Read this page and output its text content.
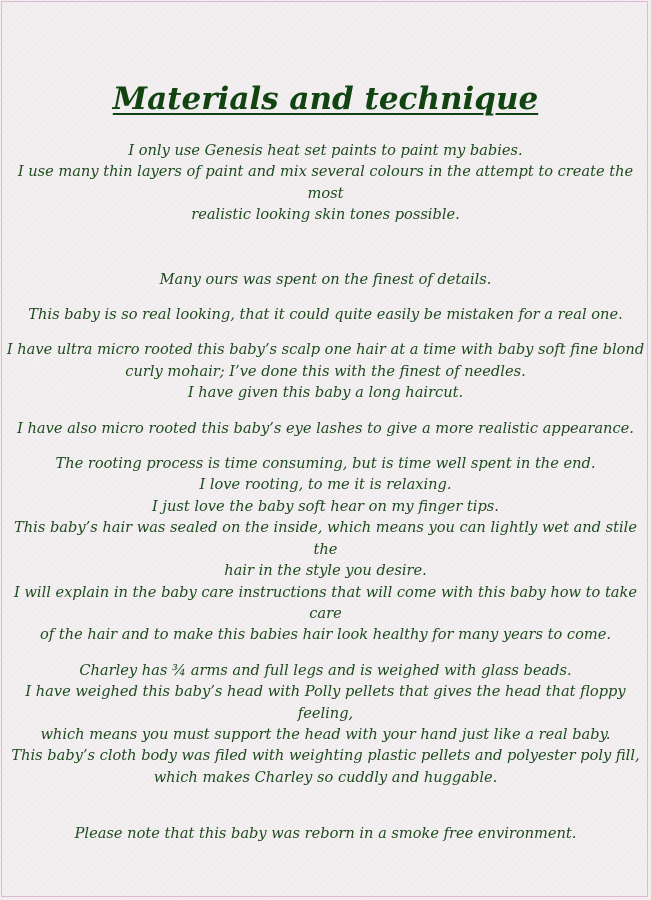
Materials and technique

I only use Genesis heat set paints to paint my babies.
I use many thin layers of paint and mix several colours in the attempt to create the most
realistic looking skin tones possible.

Many ours was spent on the finest of details.

This baby is so real looking, that it could quite easily be mistaken for a real one.

I have ultra micro rooted this baby’s scalp one hair at a time with baby soft fine blond
curly mohair; I’ve done this with the finest of needles.
I have given this baby a long haircut.

I have also micro rooted this baby’s eye lashes to give a more realistic appearance.

The rooting process is time consuming, but is time well spent in the end.
I love rooting, to me it is relaxing.
I just love the baby soft hear on my finger tips.
This baby’s hair was sealed on the inside, which means you can lightly wet and stile the
hair in the style you desire.
I will explain in the baby care instructions that will come with this baby how to take care
of the hair and to make this babies hair look healthy for many years to come.

Charley has ¾ arms and full legs and is weighed with glass beads.
I have weighed this baby’s head with Polly pellets that gives the head that floppy feeling,
which means you must support the head with your hand just like a real baby.
This baby’s cloth body was filed with weighting plastic pellets and polyester poly fill,
which makes Charley so cuddly and huggable.

Please note that this baby was reborn in a smoke free environment.
